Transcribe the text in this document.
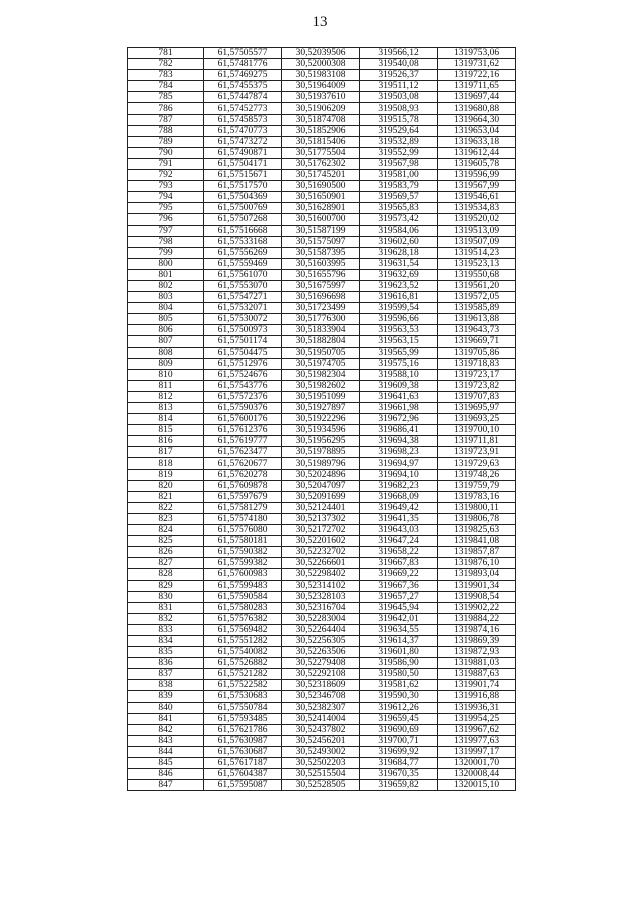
13
781	61,57505577	30,52039506	319566,12	1319753,06
782	61,57481776	30,52000308	319540,08	1319731,62
783	61,57469275	30,51983108	319526,37	1319722,16
784	61,57455375	30,51964009	319511,12	1319711,65
785	61,57447874	30,51937610	319503,08	1319697,44
786	61,57452773	30,51906209	319508,93	1319680,88
787	61,57458573	30,51874708	319515,78	1319664,30
788	61,57470773	30,51852906	319529,64	1319653,04
789	61,57473272	30,51815406	319532,89	1319633,18
790	61,57490871	30,51775504	319552,99	1319612,44
791	61,57504171	30,51762302	319567,98	1319605,78
792	61,57515671	30,51745201	319581,00	1319596,99
793	61,57517570	30,51690500	319583,79	1319567,99
794	61,57504369	30,51650901	319569,57	1319546,61
795	61,57500769	30,51628901	319565,83	1319534,83
796	61,57507268	30,51600700	319573,42	1319520,02
797	61,57516668	30,51587199	319584,06	1319513,09
798	61,57533168	30,51575097	319602,60	1319507,09
799	61,57556269	30,51587395	319628,18	1319514,23
800	61,57559469	30,51603995	319631,54	1319523,13
801	61,57561070	30,51655796	319632,69	1319550,68
802	61,57553070	30,51675997	319623,52	1319561,20
803	61,57547271	30,51696698	319616,81	1319572,05
804	61,57532071	30,51723499	319599,54	1319585,89
805	61,57530072	30,51776300	319596,66	1319613,88
806	61,57500973	30,51833904	319563,53	1319643,73
807	61,57501174	30,51882804	319563,15	1319669,71
808	61,57504475	30,51950705	319565,99	1319705,86
809	61,57512976	30,51974705	319575,16	1319718,83
810	61,57524676	30,51982304	319588,10	1319723,17
811	61,57543776	30,51982602	319609,38	1319723,82
812	61,57572376	30,51951099	319641,63	1319707,83
813	61,57590376	30,51927897	319661,98	1319695,97
814	61,57600176	30,51922296	319672,96	1319693,25
815	61,57612376	30,51934596	319686,41	1319700,10
816	61,57619777	30,51956295	319694,38	1319711,81
817	61,57623477	30,51978895	319698,23	1319723,91
818	61,57620677	30,51989796	319694,97	1319729,63
819	61,57620278	30,52024896	319694,10	1319748,26
820	61,57609878	30,52047097	319682,23	1319759,79
821	61,57597679	30,52091699	319668,09	1319783,16
822	61,57581279	30,52124401	319649,42	1319800,11
823	61,57574180	30,52137302	319641,35	1319806,78
824	61,57576080	30,52172702	319643,03	1319825,63
825	61,57580181	30,52201602	319647,24	1319841,08
826	61,57590382	30,52232702	319658,22	1319857,87
827	61,57599382	30,52266601	319667,83	1319876,10
828	61,57600983	30,52298402	319669,22	1319893,04
829	61,57599483	30,52314102	319667,36	1319901,34
830	61,57590584	30,52328103	319657,27	1319908,54
831	61,57580283	30,52316704	319645,94	1319902,22
832	61,57576382	30,52283004	319642,01	1319884,22
833	61,57569482	30,52264404	319634,55	1319874,16
834	61,57551282	30,52256305	319614,37	1319869,39
835	61,57540082	30,52263506	319601,80	1319872,93
836	61,57526882	30,52279408	319586,90	1319881,03
837	61,57521282	30,52292108	319580,50	1319887,63
838	61,57522582	30,52318609	319581,62	1319901,74
839	61,57530683	30,52346708	319590,30	1319916,88
840	61,57550784	30,52382307	319612,26	1319936,31
841	61,57593485	30,52414004	319659,45	1319954,25
842	61,57621786	30,52437802	319690,69	1319967,62
843	61,57630987	30,52456201	319700,71	1319977,63
844	61,57630687	30,52493002	319699,92	1319997,17
845	61,57617187	30,52502203	319684,77	1320001,70
846	61,57604387	30,52515504	319670,35	1320008,44
847	61,57595087	30,52528505	319659,82	1320015,10
